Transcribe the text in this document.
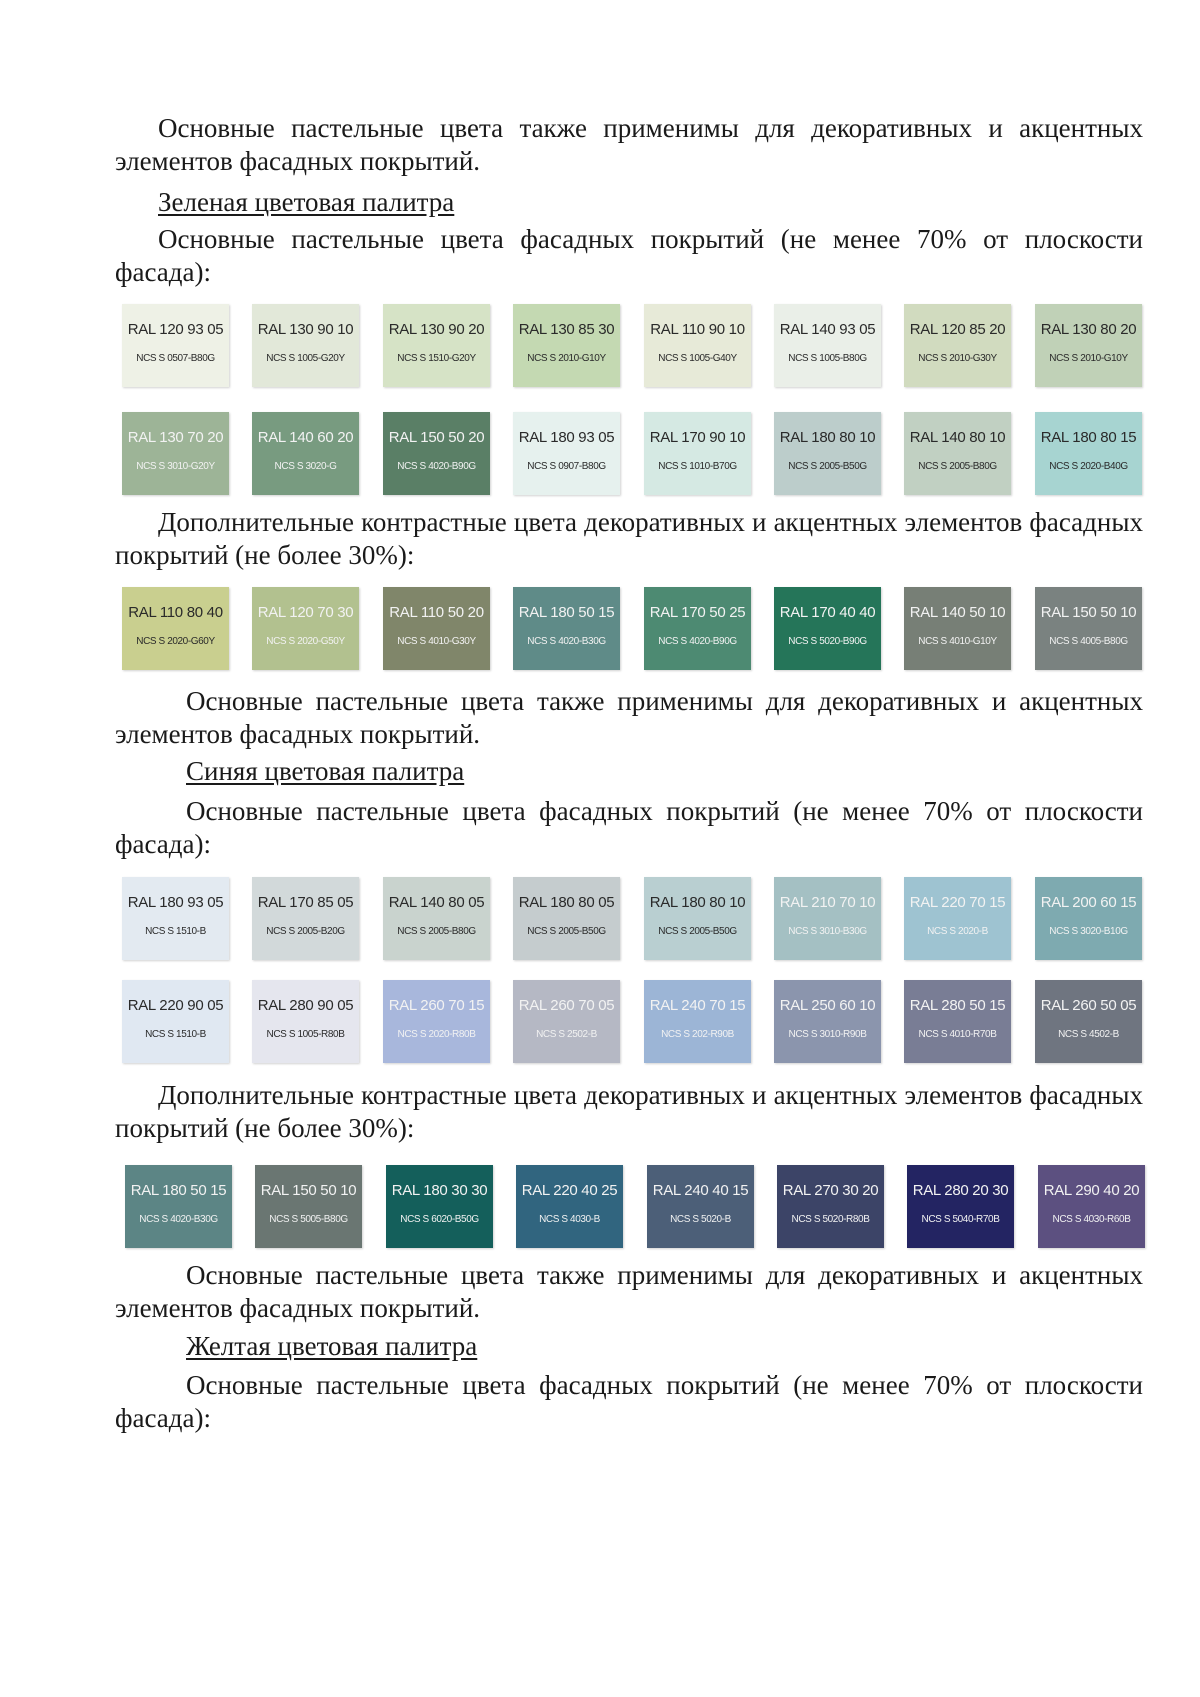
Основные пастельные цвета также применимы для декоративных и акцентных элементов фасадных покрытий.

Зеленая цветовая палитра

Основные пастельные цвета фасадных покрытий (не менее 70% от плоскости фасада):

RAL 120 93 05
NCS S 0507-B80G
RAL 130 90 10
NCS S 1005-G20Y
RAL 130 90 20
NCS S 1510-G20Y
RAL 130 85 30
NCS S 2010-G10Y
RAL 110 90 10
NCS S 1005-G40Y
RAL 140 93 05
NCS S 1005-B80G
RAL 120 85 20
NCS S 2010-G30Y
RAL 130 80 20
NCS S 2010-G10Y
RAL 130 70 20
NCS S 3010-G20Y
RAL 140 60 20
NCS S 3020-G
RAL 150 50 20
NCS S 4020-B90G
RAL 180 93 05
NCS S 0907-B80G
RAL 170 90 10
NCS S 1010-B70G
RAL 180 80 10
NCS S 2005-B50G
RAL 140 80 10
NCS S 2005-B80G
RAL 180 80 15
NCS S 2020-B40G

Дополнительные контрастные цвета декоративных и акцентных элементов фасадных покрытий (не более 30%):

RAL 110 80 40
NCS S 2020-G60Y
RAL 120 70 30
NCS S 2020-G50Y
RAL 110 50 20
NCS S 4010-G30Y
RAL 180 50 15
NCS S 4020-B30G
RAL 170 50 25
NCS S 4020-B90G
RAL 170 40 40
NCS S 5020-B90G
RAL 140 50 10
NCS S 4010-G10Y
RAL 150 50 10
NCS S 4005-B80G

Основные пастельные цвета также применимы для декоративных и акцентных элементов фасадных покрытий.

Синяя цветовая палитра

Основные пастельные цвета фасадных покрытий (не менее 70% от плоскости фасада):

RAL 180 93 05
NCS S 1510-B
RAL 170 85 05
NCS S 2005-B20G
RAL 140 80 05
NCS S 2005-B80G
RAL 180 80 05
NCS S 2005-B50G
RAL 180 80 10
NCS S 2005-B50G
RAL 210 70 10
NCS S 3010-B30G
RAL 220 70 15
NCS S 2020-B
RAL 200 60 15
NCS S 3020-B10G
RAL 220 90 05
NCS S 1510-B
RAL 280 90 05
NCS S 1005-R80B
RAL 260 70 15
NCS S 2020-R80B
RAL 260 70 05
NCS S 2502-B
RAL 240 70 15
NCS S 202-R90B
RAL 250 60 10
NCS S 3010-R90B
RAL 280 50 15
NCS S 4010-R70B
RAL 260 50 05
NCS S 4502-B

Дополнительные контрастные цвета декоративных и акцентных элементов фасадных покрытий (не более 30%):

RAL 180 50 15
NCS S 4020-B30G
RAL 150 50 10
NCS S 5005-B80G
RAL 180 30 30
NCS S 6020-B50G
RAL 220 40 25
NCS S 4030-B
RAL 240 40 15
NCS S 5020-B
RAL 270 30 20
NCS S 5020-R80B
RAL 280 20 30
NCS S 5040-R70B
RAL 290 40 20
NCS S 4030-R60B

Основные пастельные цвета также применимы для декоративных и акцентных элементов фасадных покрытий.

Желтая цветовая палитра

Основные пастельные цвета фасадных покрытий (не менее 70% от плоскости фасада):
